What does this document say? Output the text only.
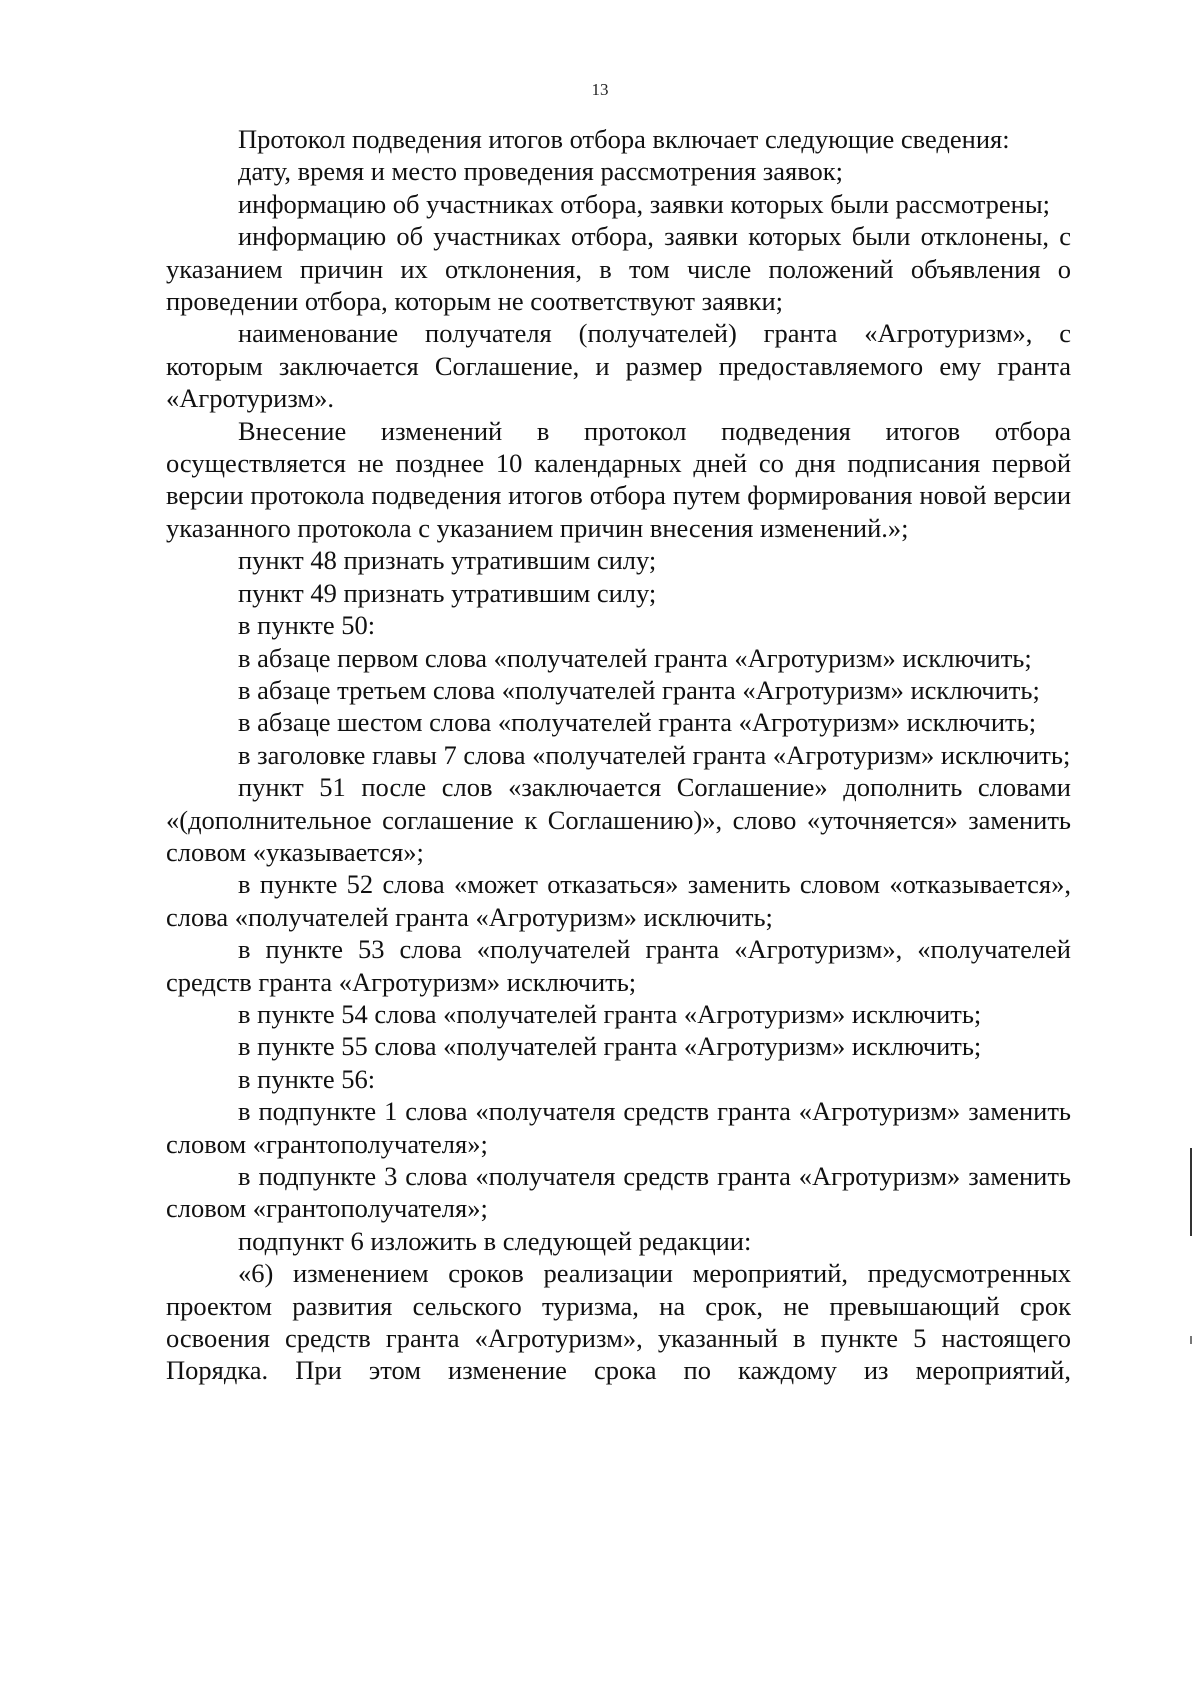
13

Протокол подведения итогов отбора включает следующие сведения:

дату, время и место проведения рассмотрения заявок;

информацию об участниках отбора, заявки которых были рассмотрены;

информацию об участниках отбора, заявки которых были отклонены, с указанием причин их отклонения, в том числе положений объявления о проведении отбора, которым не соответствуют заявки;

наименование получателя (получателей) гранта «Агротуризм», с которым заключается Соглашение, и размер предоставляемого ему гранта «Агротуризм».

Внесение изменений в протокол подведения итогов отбора осуществляется не позднее 10 календарных дней со дня подписания первой версии протокола подведения итогов отбора путем формирования новой версии указанного протокола с указанием причин внесения изменений.»;

пункт 48 признать утратившим силу;

пункт 49 признать утратившим силу;

в пункте 50:

в абзаце первом слова «получателей гранта «Агротуризм» исключить;

в абзаце третьем слова «получателей гранта «Агротуризм» исключить;

в абзаце шестом слова «получателей гранта «Агротуризм» исключить;

в заголовке главы 7 слова «получателей гранта «Агротуризм» исключить;

пункт 51 после слов «заключается Соглашение» дополнить словами «(дополнительное соглашение к Соглашению)», слово «уточняется» заменить словом «указывается»;

в пункте 52 слова «может отказаться» заменить словом «отказывается», слова «получателей гранта «Агротуризм» исключить;

в пункте 53 слова «получателей гранта «Агротуризм», «получателей средств гранта «Агротуризм» исключить;

в пункте 54 слова «получателей гранта «Агротуризм» исключить;

в пункте 55 слова «получателей гранта «Агротуризм» исключить;

в пункте 56:

в подпункте 1 слова «получателя средств гранта «Агротуризм» заменить словом «грантополучателя»;

в подпункте 3 слова «получателя средств гранта «Агротуризм» заменить словом «грантополучателя»;

подпункт 6 изложить в следующей редакции:

«6) изменением сроков реализации мероприятий, предусмотренных проектом развития сельского туризма, на срок, не превышающий срок освоения средств гранта «Агротуризм», указанный в пункте 5 настоящего Порядка. При этом изменение срока по каждому из мероприятий,
